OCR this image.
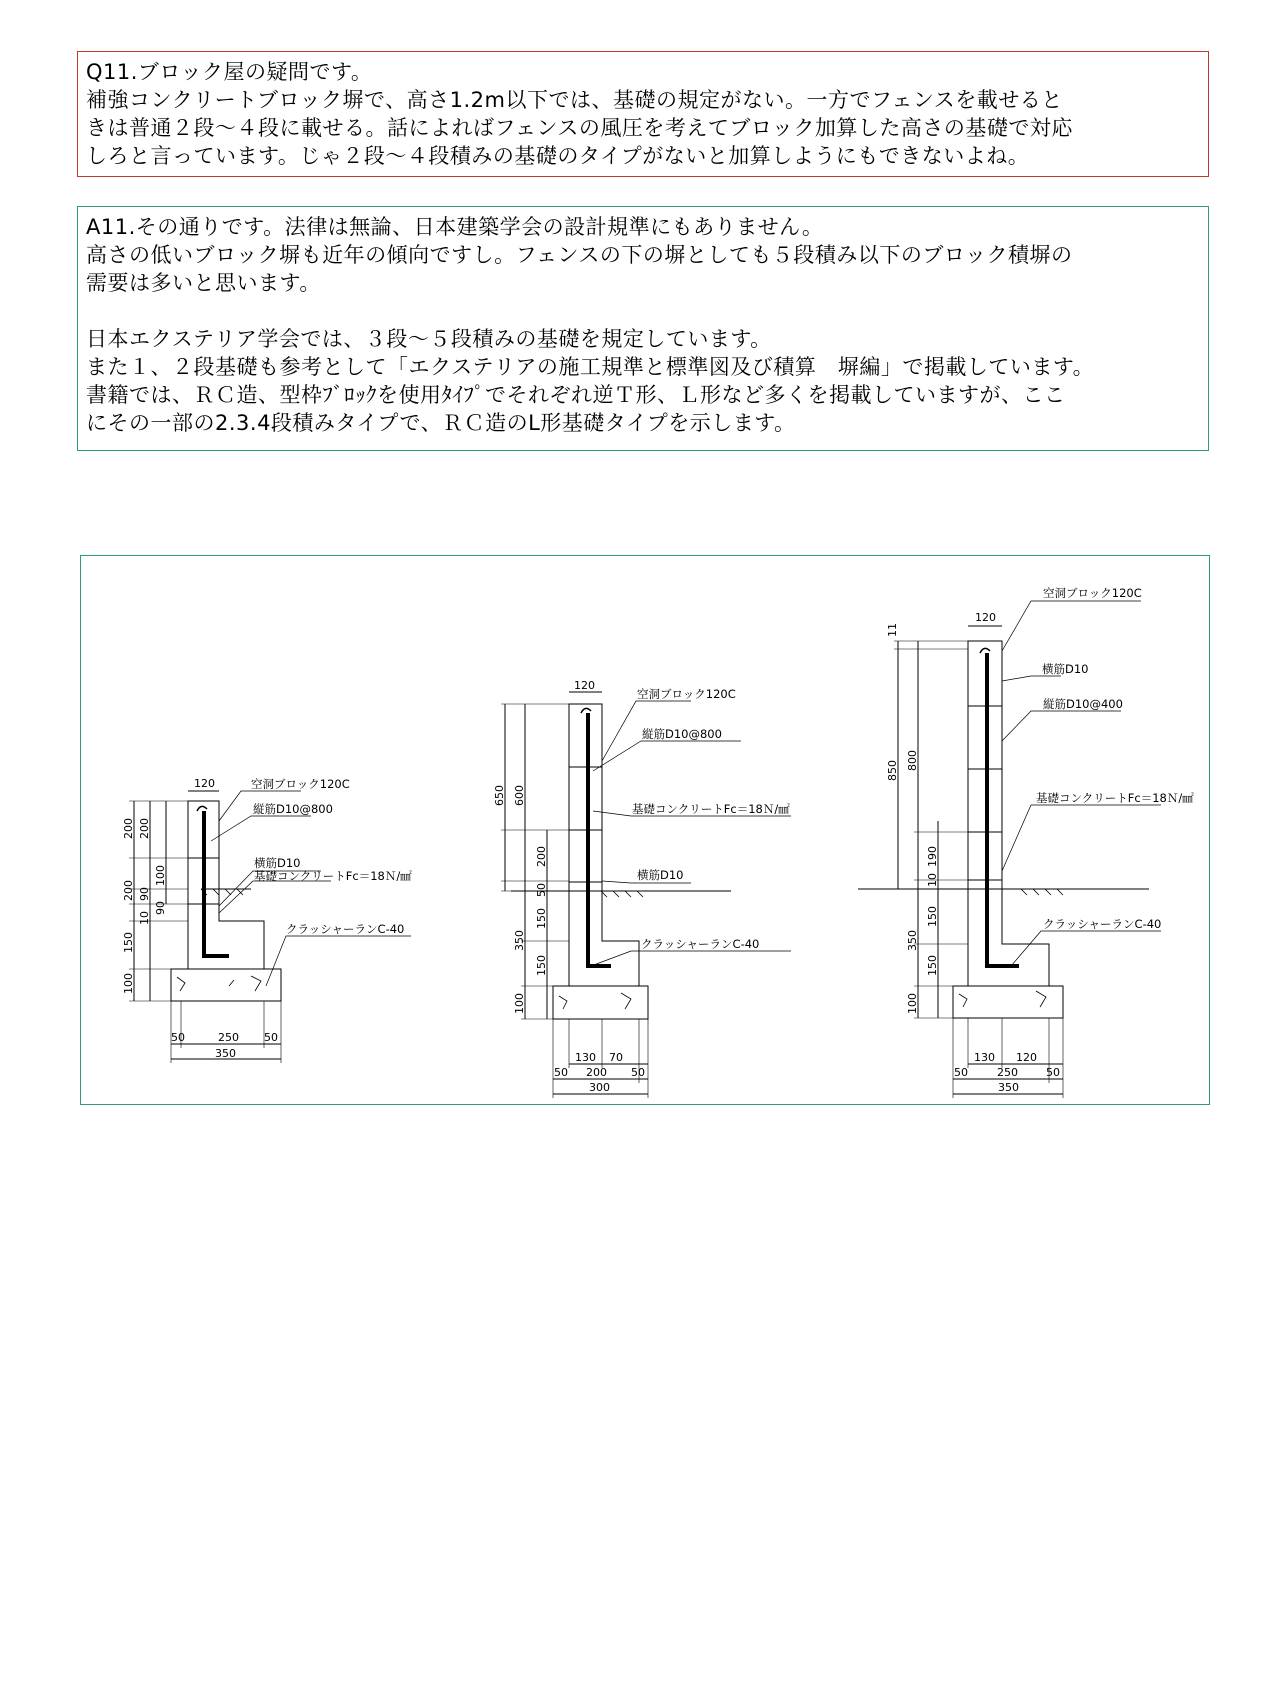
Q11.ブロック屋の疑問です。
補強コンクリートブロック塀で、高さ1.2m以下では、基礎の規定がない。一方でフェンスを載せると
きは普通２段～４段に載せる。話によればフェンスの風圧を考えてブロック加算した高さの基礎で対応
しろと言っています。じゃ２段～４段積みの基礎のタイプがないと加算しようにもできないよね。
A11.その通りです。法律は無論、日本建築学会の設計規準にもありません。
高さの低いブロック塀も近年の傾向ですし。フェンスの下の塀としても５段積み以下のブロック積塀の
需要は多いと思います。
日本エクステリア学会では、３段～５段積みの基礎を規定しています。
また１、２段基礎も参考として「エクステリアの施工規準と標準図及び積算　塀編」で掲載しています。
書籍では、ＲＣ造、型枠ﾌﾞﾛｯｸを使用ﾀｲﾌﾟでそれぞれ逆Ｔ形、Ｌ形など多くを掲載していますが、ここ
にその一部の2.3.4段積みタイプで、ＲＣ造のL形基礎タイプを示します。
120	空洞ブロック120C
縦筋D10@800
横筋D10
基礎コンクリートFc＝18Ｎ/㎟
クラッシャーランC-40
200 200
200
100
90
90
10
150
100
50	250 50
350
120
空洞ブロック120C
縦筋D10@800
基礎コンクリートFc＝18Ｎ/㎟
横筋D10
クラッシャーランC-40
650 600
200
50
350
150
150
100
130 70
50 200 50
300
120
空洞ブロック120C
横筋D10
縦筋D10@400
基礎コンクリートFc＝18Ｎ/㎟
クラッシャーランC-40
11
850 800
190
10
150
350
150
100
130 120
50	250	50
350
